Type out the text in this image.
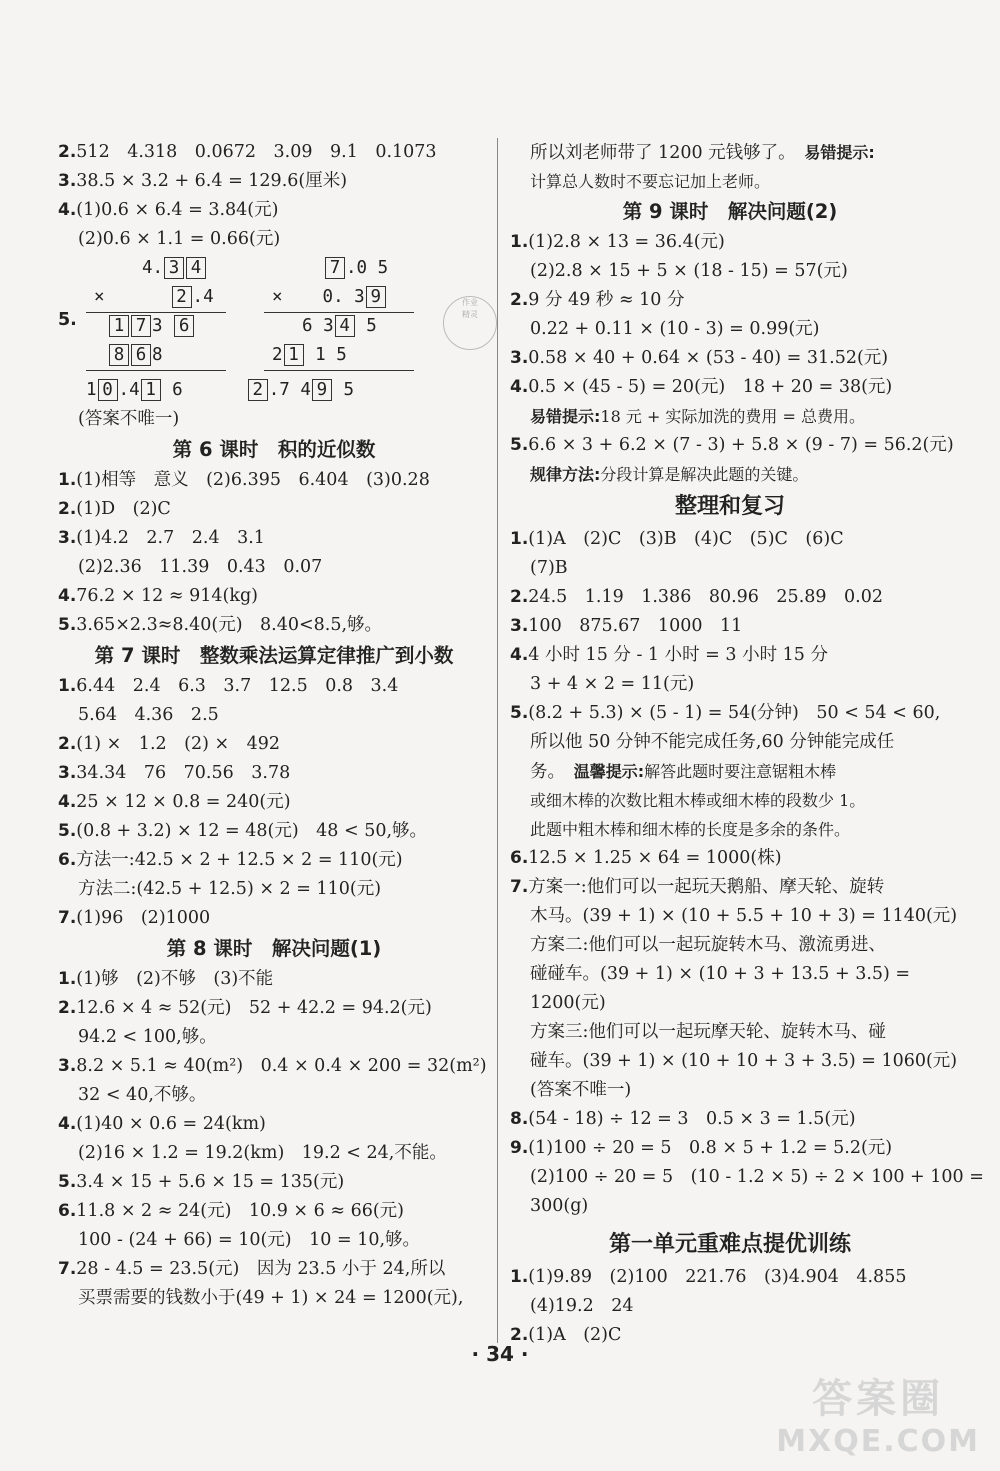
2.512　4.318　0.0672　3.09　9.1　0.1073
3.38.5 × 3.2 + 6.4 = 129.6(厘米)
4.(1)0.6 × 6.4 = 3.84(元)
(2)0.6 × 1.1 = 0.66(元)
5.
4. 3 4
×	2 .4
1 7 3 6
8 6 8
7 .0 5
× 0. 3 9
6 3 4 5
2 1 1 5
1 0 .4 1 6	2 .7 4 9 5
(答案不唯一)
第 6 课时　积的近似数
1.(1)相等　意义　(2)6.395　6.404　(3)0.28
2.(1)D　(2)C
3.(1)4.2　2.7　2.4　3.1
(2)2.36　11.39　0.43　0.07
4.76.2 × 12 ≈ 914(kg)
5.3.65×2.3≈8.40(元)　8.40<8.5,够。
第 7 课时　整数乘法运算定律推广到小数
1.6.44　2.4　6.3　3.7　12.5　0.8　3.4
5.64　4.36　2.5
2.(1) ×　1.2　(2) ×　492
3.34.34　76　70.56　3.78
4.25 × 12 × 0.8 = 240(元)
5.(0.8 + 3.2) × 12 = 48(元)　48 < 50,够。
6.方法一:42.5 × 2 + 12.5 × 2 = 110(元)
方法二:(42.5 + 12.5) × 2 = 110(元)
7.(1)96　(2)1000
第 8 课时　解决问题(1)
1.(1)够　(2)不够　(3)不能
2.12.6 × 4 ≈ 52(元)　52 + 42.2 = 94.2(元)
94.2 < 100,够。
3.8.2 × 5.1 ≈ 40(m²)　0.4 × 0.4 × 200 = 32(m²)
32 < 40,不够。
4.(1)40 × 0.6 = 24(km)
(2)16 × 1.2 = 19.2(km)　19.2 < 24,不能。
5.3.4 × 15 + 5.6 × 15 = 135(元)
6.11.8 × 2 ≈ 24(元)　10.9 × 6 ≈ 66(元)
100 - (24 + 66) = 10(元)　10 = 10,够。
7.28 - 4.5 = 23.5(元)　因为 23.5 小于 24,所以
买票需要的钱数小于(49 + 1) × 24 = 1200(元),
作业
精灵
所以刘老师带了 1200 元钱够了。　 易错提示:
计算总人数时不要忘记加上老师。
第 9 课时　解决问题(2)
1.(1)2.8 × 13 = 36.4(元)
(2)2.8 × 15 + 5 × (18 - 15) = 57(元)
2.9 分 49 秒 ≈ 10 分
0.22 + 0.11 × (10 - 3) = 0.99(元)
3.0.58 × 40 + 0.64 × (53 - 40) = 31.52(元)
4.0.5 × (45 - 5) = 20(元)　18 + 20 = 38(元)
易错提示:18 元 + 实际加洗的费用 = 总费用。
5.6.6 × 3 + 6.2 × (7 - 3) + 5.8 × (9 - 7) = 56.2(元)
规律方法:分段计算是解决此题的关键。
整理和复习
1.(1)A　(2)C　(3)B　(4)C　(5)C　(6)C
(7)B
2.24.5　1.19　1.386　80.96　25.89　0.02
3.100　875.67　1000　11
4.4 小时 15 分 - 1 小时 = 3 小时 15 分
3 + 4 × 2 = 11(元)
5.(8.2 + 5.3) × (5 - 1) = 54(分钟)　50 < 54 < 60,
所以他 50 分钟不能完成任务,60 分钟能完成任
务。　 温馨提示:解答此题时要注意锯粗木棒
或细木棒的次数比粗木棒或细木棒的段数少 1。
此题中粗木棒和细木棒的长度是多余的条件。
6.12.5 × 1.25 × 64 = 1000(株)
7.方案一:他们可以一起玩天鹅船、摩天轮、旋转
木马。(39 + 1) × (10 + 5.5 + 10 + 3) = 1140(元)
方案二:他们可以一起玩旋转木马、激流勇进、
碰碰车。(39 + 1) × (10 + 3 + 13.5 + 3.5) =
1200(元)
方案三:他们可以一起玩摩天轮、旋转木马、碰
碰车。(39 + 1) × (10 + 10 + 3 + 3.5) = 1060(元)
(答案不唯一)
8.(54 - 18) ÷ 12 = 3　0.5 × 3 = 1.5(元)
9.(1)100 ÷ 20 = 5　0.8 × 5 + 1.2 = 5.2(元)
(2)100 ÷ 20 = 5　(10 - 1.2 × 5) ÷ 2 × 100 + 100 =
300(g)
第一单元重难点提优训练
1.(1)9.89　(2)100　221.76　(3)4.904　4.855
(4)19.2　24
2.(1)A　(2)C
· 34 ·
答案圈
MXQE.COM
